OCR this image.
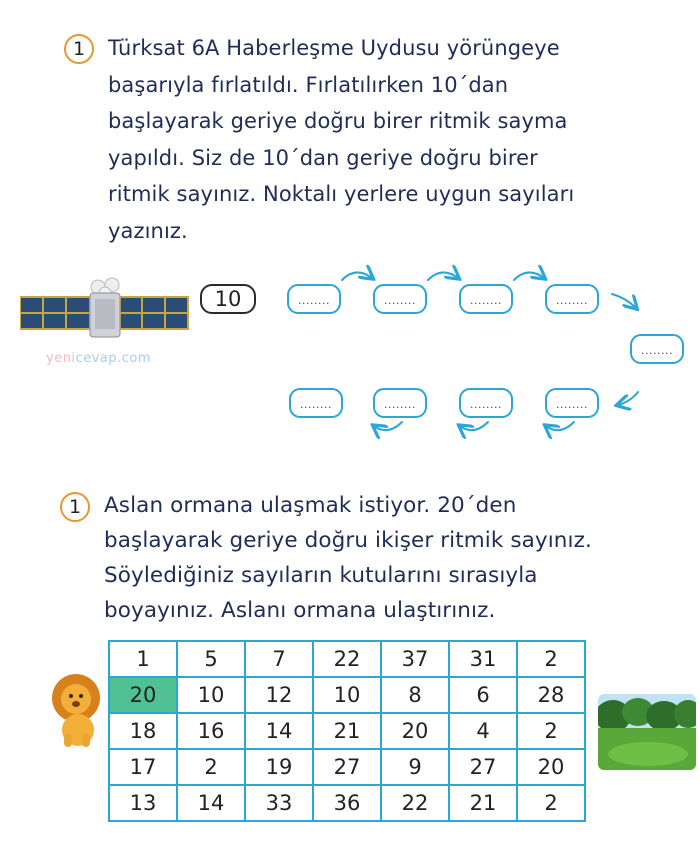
1	Türksat 6A Haberleşme Uydusu yörüngeye
başarıyla fırlatıldı. Fırlatılırken 10´dan
başlayarak geriye doğru birer ritmik sayma
yapıldı. Siz de 10´dan geriye doğru birer
ritmik sayınız. Noktalı yerlere uygun sayıları
yazınız.
yenicevap.com
10	........	........	........	........
........
........
........
........
........
1	Aslan ormana ulaşmak istiyor. 20´den
başlayarak geriye doğru ikişer ritmik sayınız.
Söylediğiniz sayıların kutularını sırasıyla
boyayınız. Aslanı ormana ulaştırınız.
1	5	7	22	37	31	2
20	10	12	10	8	6	28
18	16	14	21	20	4	2
17	2	19	27	9	27	20
13	14	33	36	22	21	2
